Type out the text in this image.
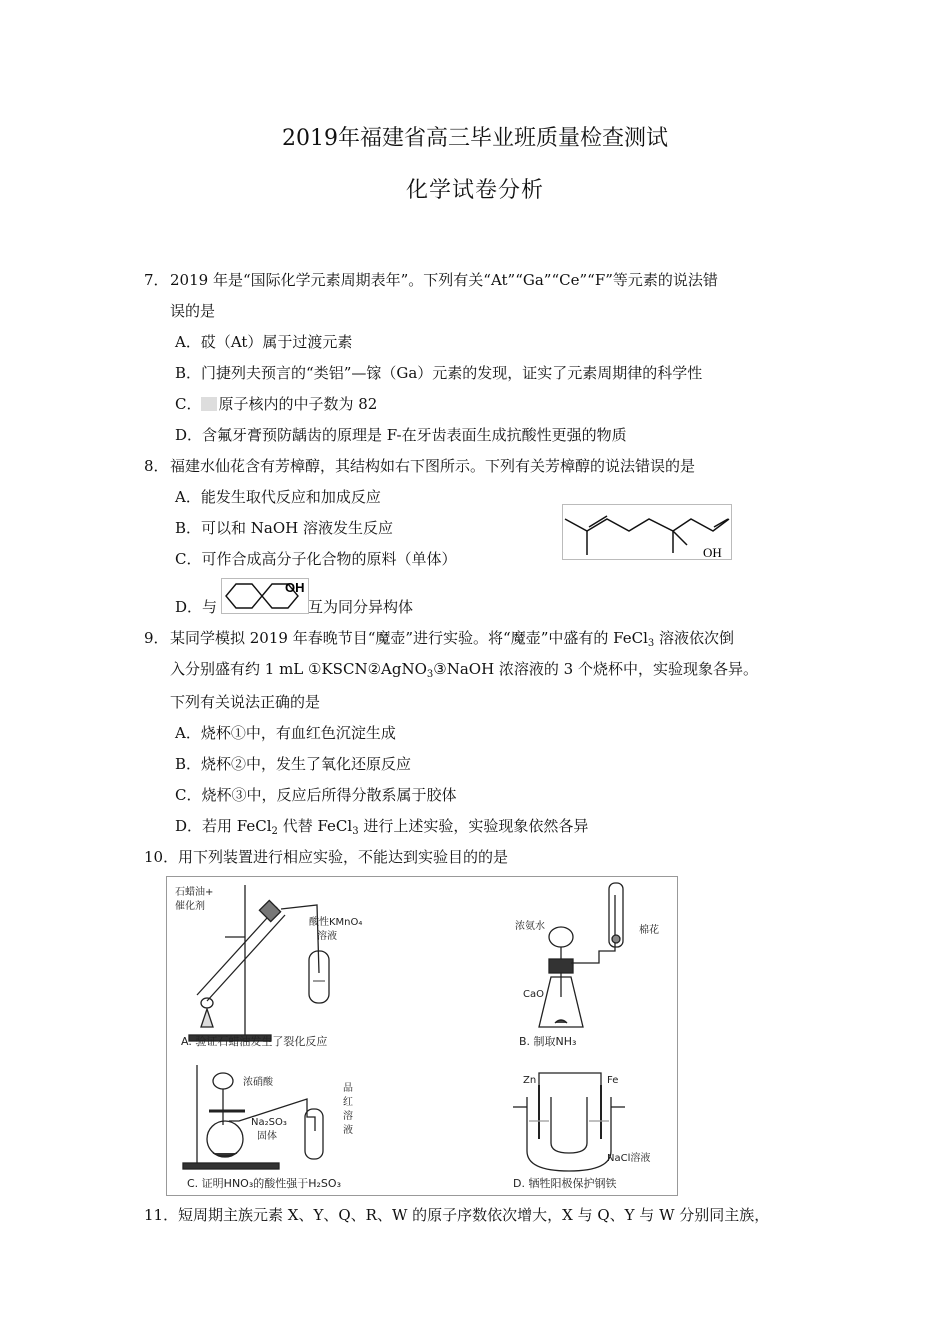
2019年福建省高三毕业班质量检查测试
化学试卷分析
7． 2019 年是“国际化学元素周期表年”。下列有关“At”“Ga”“Ce”“F”等元素的说法错
误的是
A．砹（At）属于过渡元素
B．门捷列夫预言的“类铝”—镓（Ga）元素的发现，证实了元素周期律的科学性
C． 原子核内的中子数为 82
D．含氟牙膏预防龋齿的原理是 F-在牙齿表面生成抗酸性更强的物质
8． 福建水仙花含有芳樟醇，其结构如右下图所示。下列有关芳樟醇的说法错误的是
A．能发生取代反应和加成反应
B．可以和 NaOH 溶液发生反应
C．可作合成高分子化合物的原料（单体）
D．与	互为同分异构体
OH
OH
9． 某同学模拟 2019 年春晚节目“魔壶”进行实验。将“魔壶”中盛有的 FeCl$_3$ 溶液依次倒
入分别盛有约 1 mL ①KSCN②AgNO$_3$③NaOH 浓溶液的 3 个烧杯中，实验现象各异。
下列有关说法正确的是
A．烧杯①中，有血红色沉淀生成
B．烧杯②中，发生了氧化还原反应
C．烧杯③中，反应后所得分散系属于胶体
D．若用 FeCl$_2$ 代替 FeCl$_3$ 进行上述实验，实验现象依然各异
10． 用下列装置进行相应实验，不能达到实验目的的是
石蜡油+
催化剂
酸性KMnO₄
溶液
A. 验证石蜡油发生了裂化反应
浓氨水	棉花
CaO
B. 制取NH₃
浓硝酸
Na₂SO₃
固体
品
红
溶
液
C. 证明HNO₃的酸性强于H₂SO₃
Zn	Fe
NaCl溶液
D. 牺牲阳极保护钢铁
11． 短周期主族元素 X、Y、Q、R、W 的原子序数依次增大，X 与 Q、Y 与 W 分别同主族，
